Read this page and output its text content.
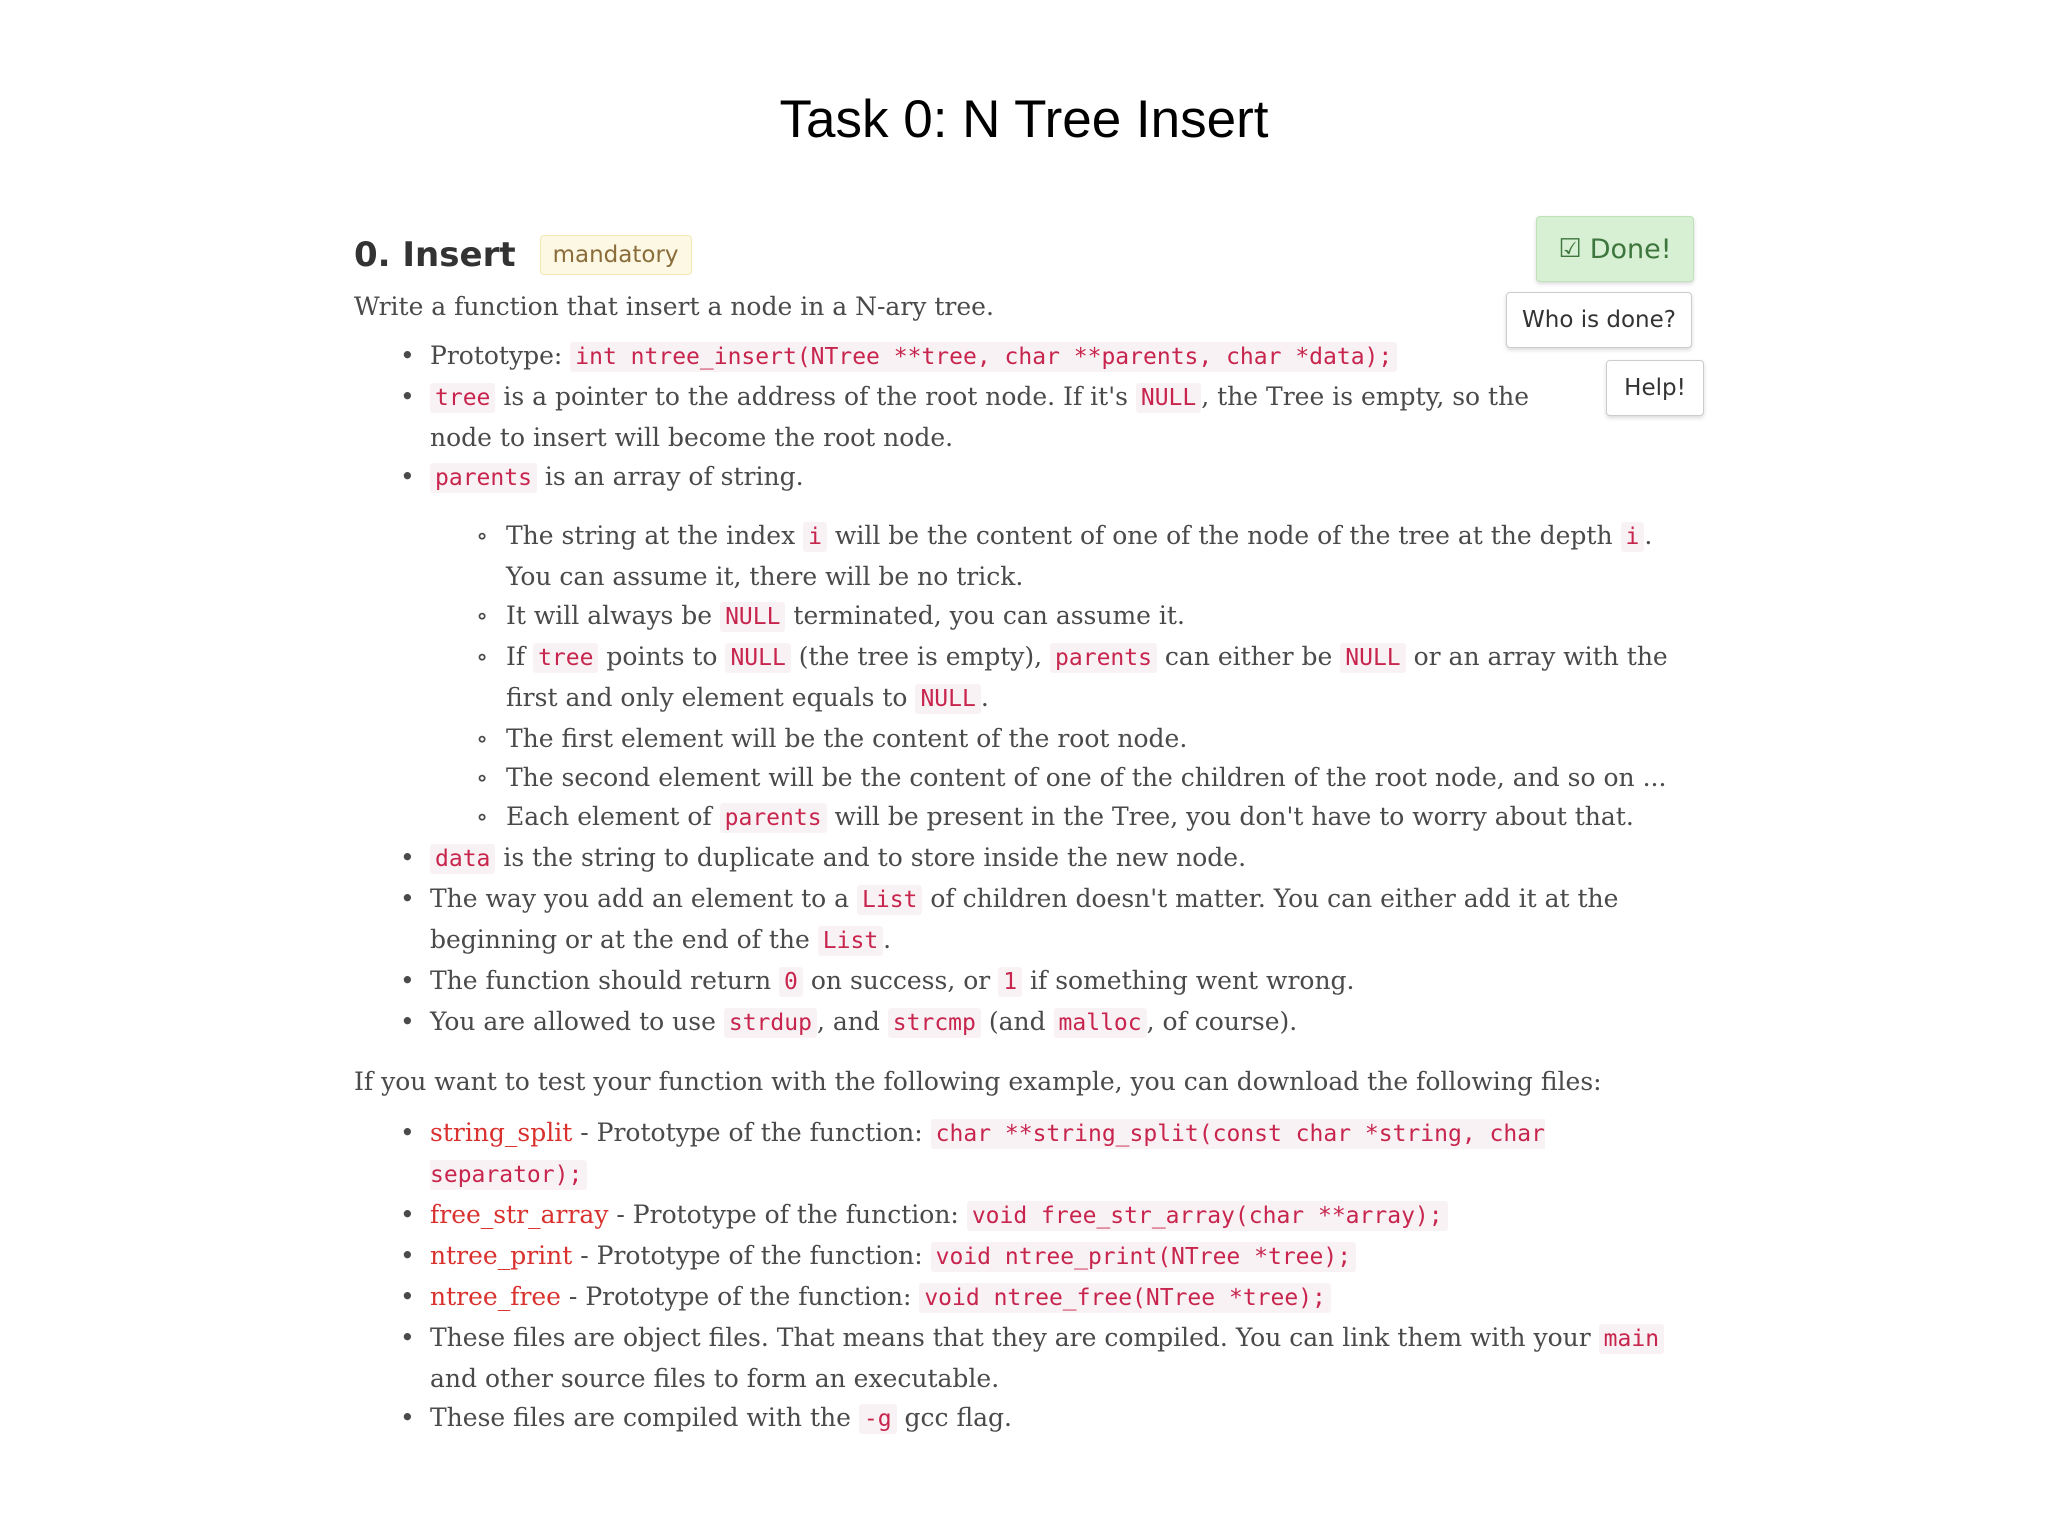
Task 0: N Tree Insert
0. Insert	mandatory	☑ Done!
Who is done?
Help!

Write a function that insert a node in a N-ary tree.

• Prototype: int ntree_insert(NTree **tree, char **parents, char *data);
• tree is a pointer to the address of the root node. If it's NULL , the Tree is empty, so the node to insert will become the root node.
• parents is an array of string.
∘ The string at the index i will be the content of one of the node of the tree at the depth i . You can assume it, there will be no trick.
∘ It will always be NULL terminated, you can assume it.
∘ If tree points to NULL (the tree is empty), parents can either be NULL or an array with the first and only element equals to NULL .
∘ The first element will be the content of the root node.
∘ The second element will be the content of one of the children of the root node, and so on ...
∘ Each element of parents will be present in the Tree, you don't have to worry about that.
• data is the string to duplicate and to store inside the new node.
• The way you add an element to a List of children doesn't matter. You can either add it at the beginning or at the end of the List .
• The function should return 0 on success, or 1 if something went wrong.
• You are allowed to use strdup , and strcmp (and malloc , of course).

If you want to test your function with the following example, you can download the following files:

• string_split - Prototype of the function: char **string_split(const char *string, char separator);
• free_str_array - Prototype of the function: void free_str_array(char **array);
• ntree_print - Prototype of the function: void ntree_print(NTree *tree);
• ntree_free - Prototype of the function: void ntree_free(NTree *tree);
• These files are object files. That means that they are compiled. You can link them with your main and other source files to form an executable.
• These files are compiled with the -g gcc flag.
